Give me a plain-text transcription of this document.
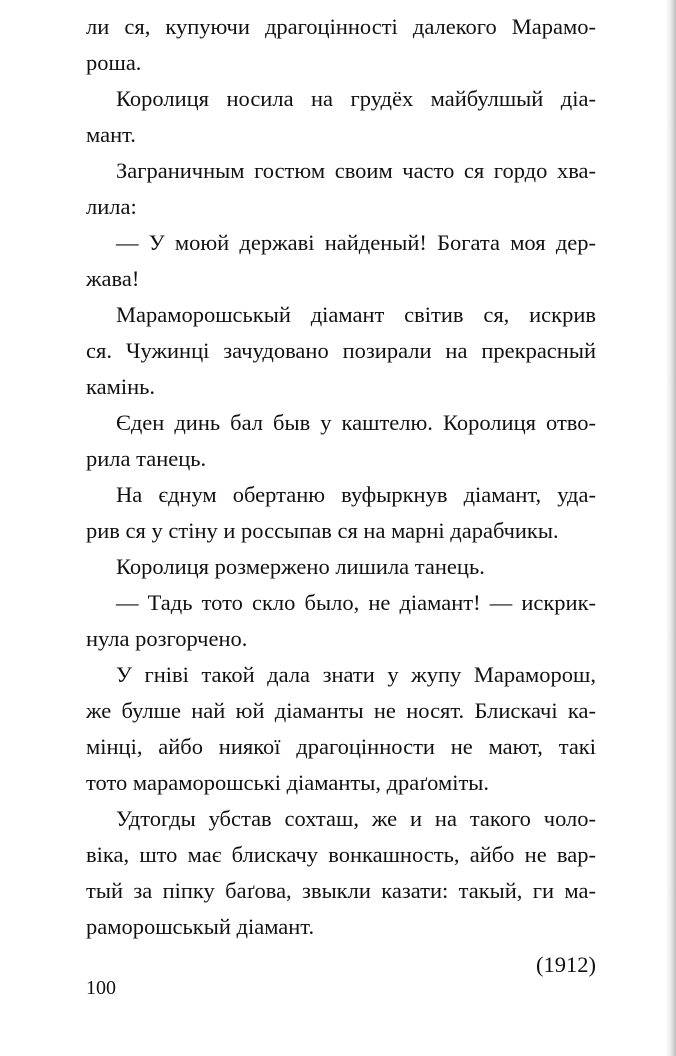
ли ся, купуючи драгоцінності далекого Марамо-
роша.
Королиця носила на грудёх майбулшый діа-
мант.
Заграничным гостюм своим часто ся гордо хва-
лила:
— У моюй державі найденый! Богата моя дер-
жава!
Мараморошськый діамант світив ся, искрив
ся. Чужинці зачудовано позирали на прекрасный
камінь.
Єден динь бал быв у каштелю. Королиця отво-
рила танець.
На єднум обертаню вуфыркнув діамант, уда-
рив ся у стіну и россыпав ся на марні дарабчикы.
Королиця розмержено лишила танець.
— Тадь тото скло было, не діамант! — искрик-
нула розгорчено.
У гніві такой дала знати у жупу Мараморош,
же булше най юй діаманты не носят. Блискачі ка-
мінці, айбо ниякої драгоцінности не мают, такі
тото мараморошські діаманты, драґоміты.
Удтогды убстав сохташ, же и на такого чоло-
віка, што має блискачу вонкашность, айбо не вар-
тый за піпку баґова, звыкли казати: такый, ги ма-
раморошськый діамант.
(1912)
100
